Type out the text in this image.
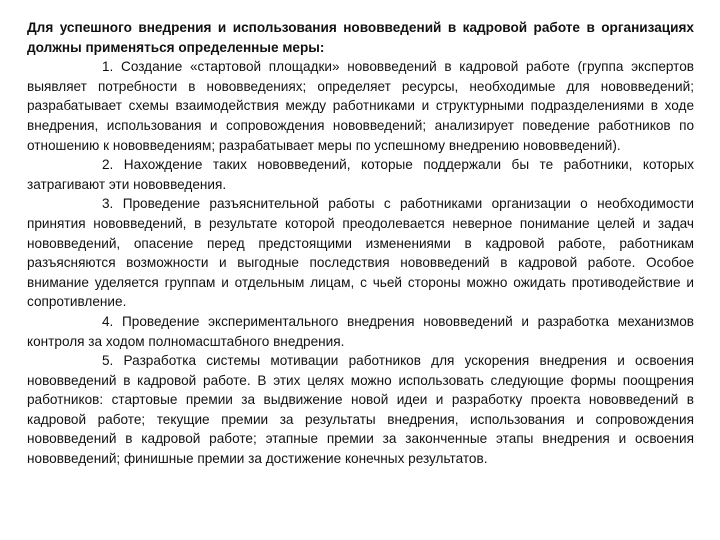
Для успешного внедрения и использования нововведений в кадровой работе в организациях должны применяться определенные меры:

1. Создание «стартовой площадки» нововведений в кадровой работе (группа экспертов выявляет потребности в нововведениях; определяет ресурсы, необходимые для нововведений; разрабатывает схемы взаимодействия между работниками и структурными подразделениями в ходе внедрения, использования и сопровождения нововведений; анализирует поведение работников по отношению к нововведениям; разрабатывает меры по успешному внедрению нововведений).

2. Нахождение таких нововведений, которые поддержали бы те работники, которых затрагивают эти нововведения.

3. Проведение разъяснительной работы с работниками организации о необходимости принятия нововведений, в результате которой преодолевается неверное понимание целей и задач нововведений, опасение перед предстоящими изменениями в кадровой работе, работникам разъясняются возможности и выгодные последствия нововведений в кадровой работе. Особое внимание уделяется группам и отдельным лицам, с чьей стороны можно ожидать противодействие и сопротивление.

4. Проведение экспериментального внедрения нововведений и разработка механизмов контроля за ходом полномасштабного внедрения.

5. Разработка системы мотивации работников для ускорения внедрения и освоения нововведений в кадровой работе. В этих целях можно использовать следующие формы поощрения работников: стартовые премии за выдвижение новой идеи и разработку проекта нововведений в кадровой работе; текущие премии за результаты внедрения, использования и сопровождения нововведений в кадровой работе; этапные премии за законченные этапы внедрения и освоения нововведений; финишные премии за достижение конечных результатов.
